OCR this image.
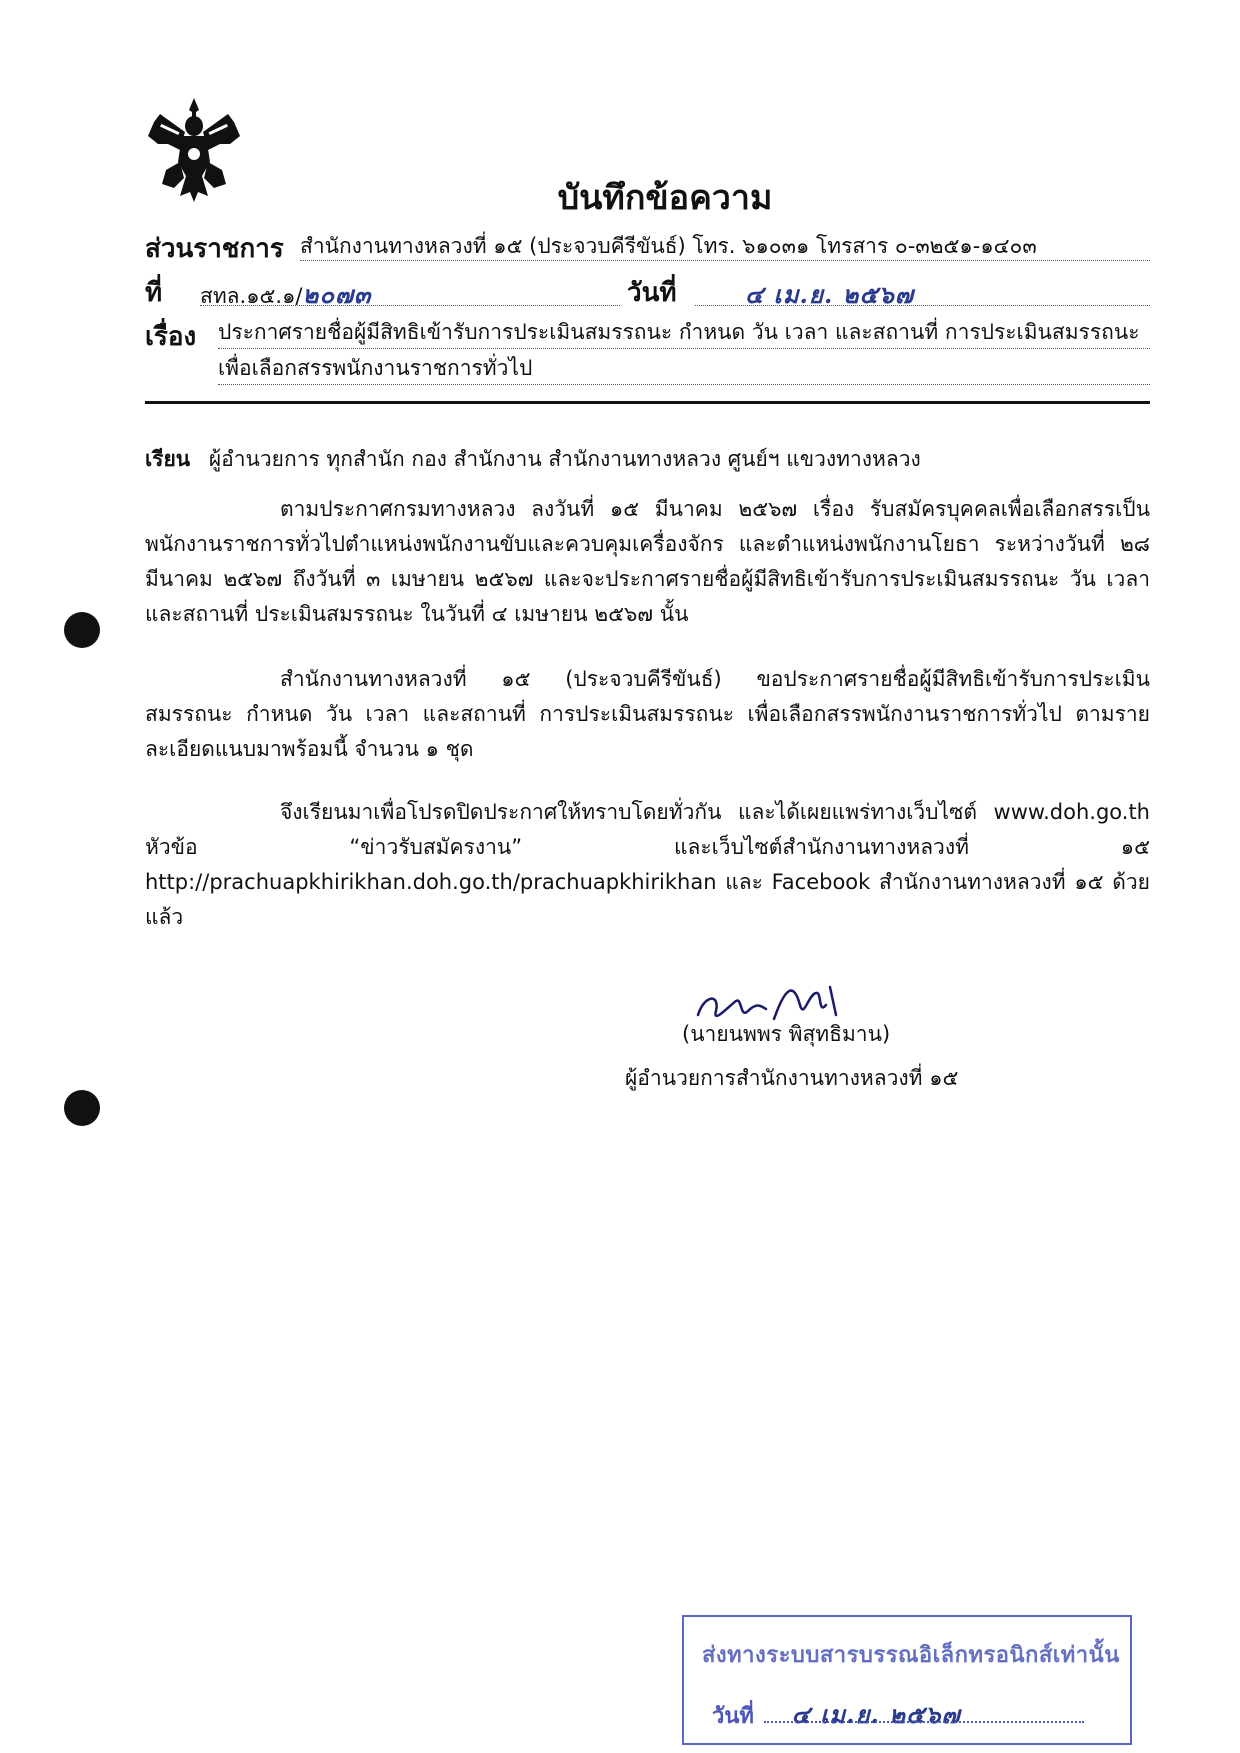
บันทึกข้อความ
ส่วนราชการ สำนักงานทางหลวงที่ ๑๕ (ประจวบคีรีขันธ์) โทร. ๖๑๐๓๑ โทรสาร ๐-๓๒๕๑-๑๔๐๓
ที่ สทล.๑๕.๑/๒๐๗๓	วันที่	๔ เม.ย. ๒๕๖๗
เรื่อง ประกาศรายชื่อผู้มีสิทธิเข้ารับการประเมินสมรรถนะ กำหนด วัน เวลา และสถานที่ การประเมินสมรรถนะ
เพื่อเลือกสรรพนักงานราชการทั่วไป
เรียน ผู้อำนวยการ ทุกสำนัก กอง สำนักงาน สำนักงานทางหลวง ศูนย์ฯ แขวงทางหลวง
ตามประกาศกรมทางหลวง ลงวันที่ ๑๕ มีนาคม ๒๕๖๗ เรื่อง รับสมัครบุคคลเพื่อเลือกสรรเป็นพนักงานราชการทั่วไปตำแหน่งพนักงานขับและควบคุมเครื่องจักร และตำแหน่งพนักงานโยธา ระหว่างวันที่ ๒๘ มีนาคม ๒๕๖๗ ถึงวันที่ ๓ เมษายน ๒๕๖๗ และจะประกาศรายชื่อผู้มีสิทธิเข้ารับการประเมินสมรรถนะ วัน เวลา และสถานที่ ประเมินสมรรถนะ ในวันที่ ๔ เมษายน ๒๕๖๗ นั้น
สำนักงานทางหลวงที่ ๑๕ (ประจวบคีรีขันธ์) ขอประกาศรายชื่อผู้มีสิทธิเข้ารับการประเมินสมรรถนะ กำหนด วัน เวลา และสถานที่ การประเมินสมรรถนะ เพื่อเลือกสรรพนักงานราชการทั่วไป ตามรายละเอียดแนบมาพร้อมนี้ จำนวน ๑ ชุด
จึงเรียนมาเพื่อโปรดปิดประกาศให้ทราบโดยทั่วกัน และได้เผยแพร่ทางเว็บไซต์ www.doh.go.th หัวข้อ “ข่าวรับสมัครงาน” และเว็บไซต์สำนักงานทางหลวงที่ ๑๕ http://prachuapkhirikhan.doh.go.th/prachuapkhirikhan และ Facebook สำนักงานทางหลวงที่ ๑๕ ด้วยแล้ว
(นายนพพร พิสุทธิมาน)
ผู้อำนวยการสำนักงานทางหลวงที่ ๑๕
ส่งทางระบบสารบรรณอิเล็กทรอนิกส์เท่านั้น
วันที่ ๔ เม.ย. ๒๕๖๗
